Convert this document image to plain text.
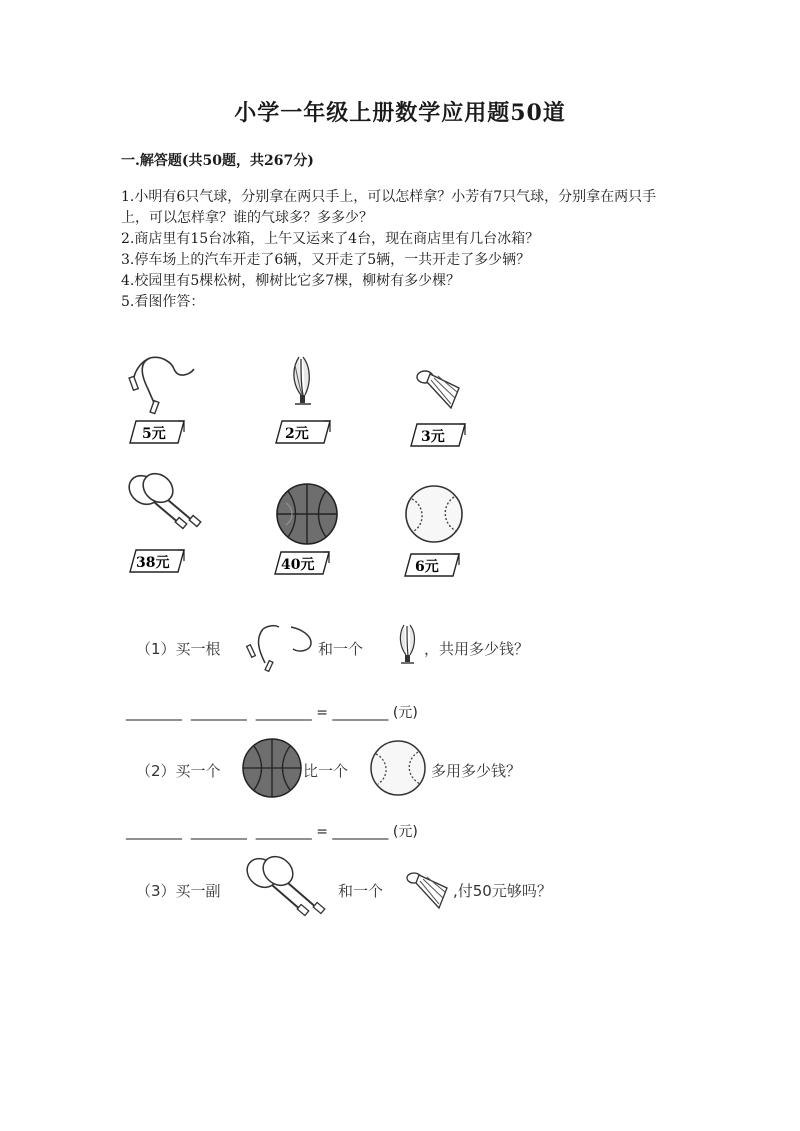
小学一年级上册数学应用题50道
一.解答题(共50题，共267分)
1.小明有6只气球，分别拿在两只手上，可以怎样拿？小芳有7只气球，分别拿在两只手上，可以怎样拿？谁的气球多？多多少？
2.商店里有15台冰箱，上午又运来了4台，现在商店里有几台冰箱？
3.停车场上的汽车开走了6辆，又开走了5辆，一共开走了多少辆？
4.校园里有5棵松树，柳树比它多7棵，柳树有多少棵？
5.看图作答：
5元	2元	3元
38元	40元	6元
（1）买一根	和一个	，共用多少钱？
________  ________  ________ = ________ (元)
（2）买一个	比一个	多用多少钱？
________  ________  ________ = ________ (元)
（3）买一副	和一个	,付50元够吗？
